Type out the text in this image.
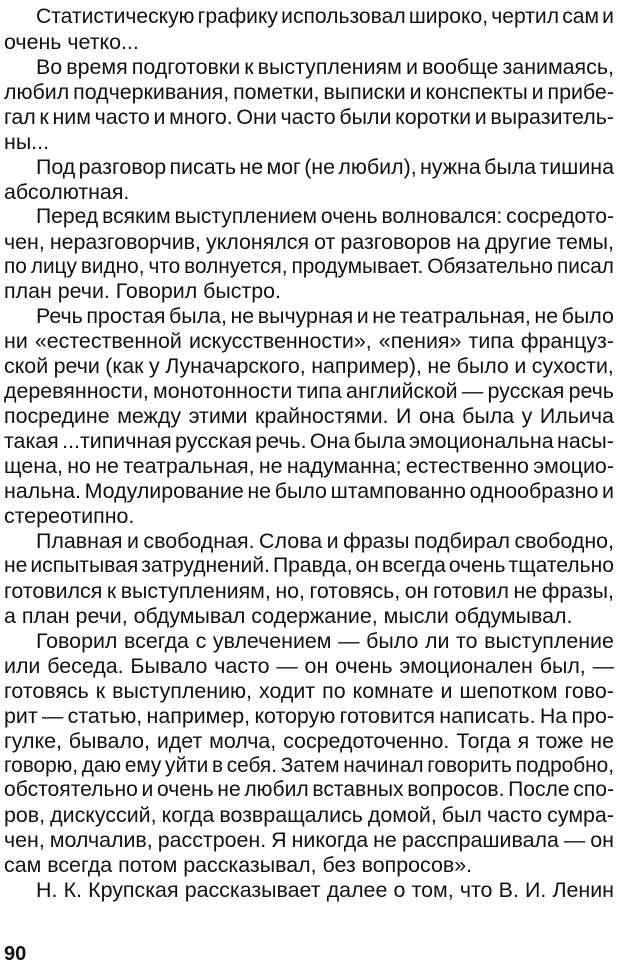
Статистическую графику использовал широко, чертил сам и
очень четко...
Во время подготовки к выступлениям и вообще занимаясь,
любил подчеркивания, пометки, выписки и конспекты и прибе-
гал к ним часто и много. Они часто были коротки и выразитель-
ны...
Под разговор писать не мог (не любил), нужна была тишина
абсолютная.
Перед всяким выступлением очень волновался: сосредото-
чен, неразговорчив, уклонялся от разговоров на другие темы,
по лицу видно, что волнуется, продумывает. Обязательно писал
план речи. Говорил быстро.
Речь простая была, не вычурная и не театральная, не было
ни «естественной искусственности», «пения» типа француз-
ской речи (как у Луначарского, например), не было и сухости,
деревянности, монотонности типа английской — русская речь
посредине между этими крайностями. И она была у Ильича
такая ...типичная русская речь. Она была эмоциональна насы-
щена, но не театральная, не надуманна; естественно эмоцио-
нальна. Модулирование не было штампованно однообразно и
стереотипно.
Плавная и свободная. Слова и фразы подбирал свободно,
не испытывая затруднений. Правда, он всегда очень тщательно
готовился к выступлениям, но, готовясь, он готовил не фразы,
а план речи, обдумывал содержание, мысли обдумывал.
Говорил всегда с увлечением — было ли то выступление
или беседа. Бывало часто — он очень эмоционален был, —
готовясь к выступлению, ходит по комнате и шепотком гово-
рит — статью, например, которую готовится написать. На про-
гулке, бывало, идет молча, сосредоточенно. Тогда я тоже не
говорю, даю ему уйти в себя. Затем начинал говорить подробно,
обстоятельно и очень не любил вставных вопросов. После спо-
ров, дискуссий, когда возвращались домой, был часто сумра-
чен, молчалив, расстроен. Я никогда не расспрашивала — он
сам всегда потом рассказывал, без вопросов».
Н. К. Крупская рассказывает далее о том, что В. И. Ленин
90
